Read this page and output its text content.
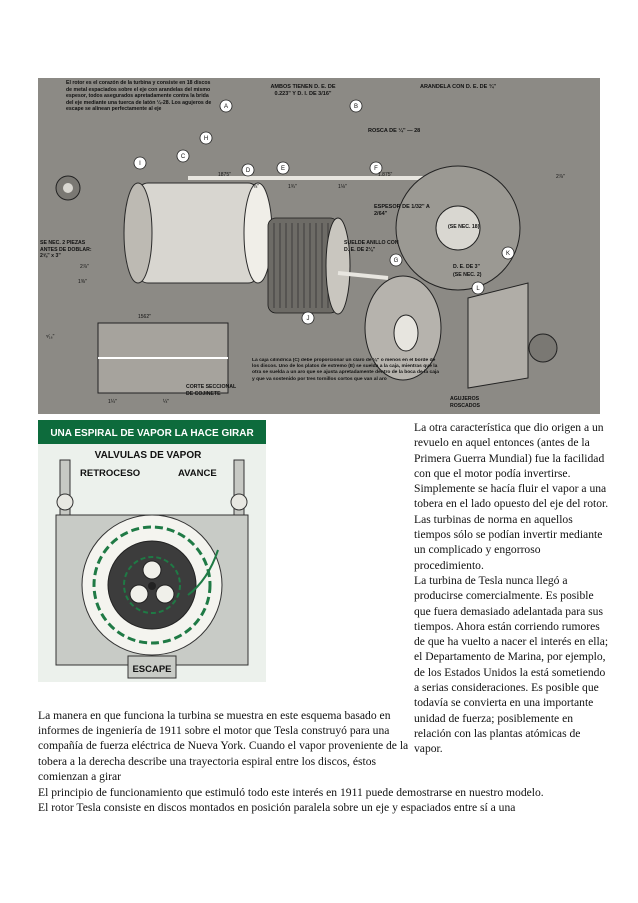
A	B
C
D	E	F
G
H
I
J
K
L
El rotor es el corazón de la turbina y consiste en 18 discos de metal espaciados sobre el eje con arandelas del mismo espesor, todos asegurados apretadamente contra la brida del eje mediante una tuerca de latón ¼-28. Los agujeros de escape se alinean perfectamente al eje
AMBOS TIENEN D. E. DE 0.223" Y D. I. DE 3/16"
ARANDELA CON D. E. DE ¾"
ROSCA DE ¼" — 28
ESPESOR DE 1/32" A 2/64"
(SE NEC. 18)
SE NEC. 2 PIEZAS ANTES DE DOBLAR: 2⅝" x 3"
SUELDE ANILLO CON D. E. DE 2⅛"
D. E. DE 3"
(SE NEC. 2)
CORTE SECCIONAL DE COJINETE
AGUJEROS ROSCADOS
La caja cilíndrica (C) debe proporcionar un claro de ⅛" o menos en el borde de los discos. Uno de los platos de extremo (E) se suelda a la caja, mientras que la otra se suelda a un aro que se ajusta apretadamente dentro de la boca de la caja y que va sostenido por tres tornillos cortos que van al aro
1875"
⅝"	1¾"	1⅛"
2⅞"
1.875"
1562"
1⅜"
⁵⁄₁₆"
1¼"	¼"
2⅞"
UNA ESPIRAL DE VAPOR LA HACE GIRAR
VALVULAS DE VAPOR
RETROCESO	AVANCE
ESCAPE

La otra característica que dio origen a un revuelo en aquel entonces (antes de la Primera Guerra Mundial) fue la facilidad con que el motor podía invertirse. Simplemente se hacía fluir el vapor a una tobera en el lado opuesto del eje del rotor. Las turbinas de norma en aquellos tiempos sólo se podían invertir mediante un complicado y engorroso procedimiento.

La turbina de Tesla nunca llegó a producirse comercialmente. Es posible que fuera demasiado adelantada para sus tiempos. Ahora están corriendo rumores de que ha vuelto a nacer el interés en ella; el Departamento de Marina, por ejemplo, de los Estados Unidos la está sometiendo a serias consideraciones. Es posible que todavía se convierta en una importante unidad de fuerza; posiblemente en relación con las plantas atómicas de vapor.

La manera en que funciona la turbina se muestra en este esquema basado en informes de ingeniería de 1911 sobre el motor que Tesla construyó para una compañía de fuerza eléctrica de Nueva York. Cuando el vapor proveniente de la tobera a la derecha describe una trayectoria espiral entre los discos, éstos comienzan a girar
El principio de funcionamiento que estimuló todo este interés en 1911 puede demostrarse en nuestro modelo.
El rotor Tesla consiste en discos montados en posición paralela sobre un eje y espaciados entre sí a una
